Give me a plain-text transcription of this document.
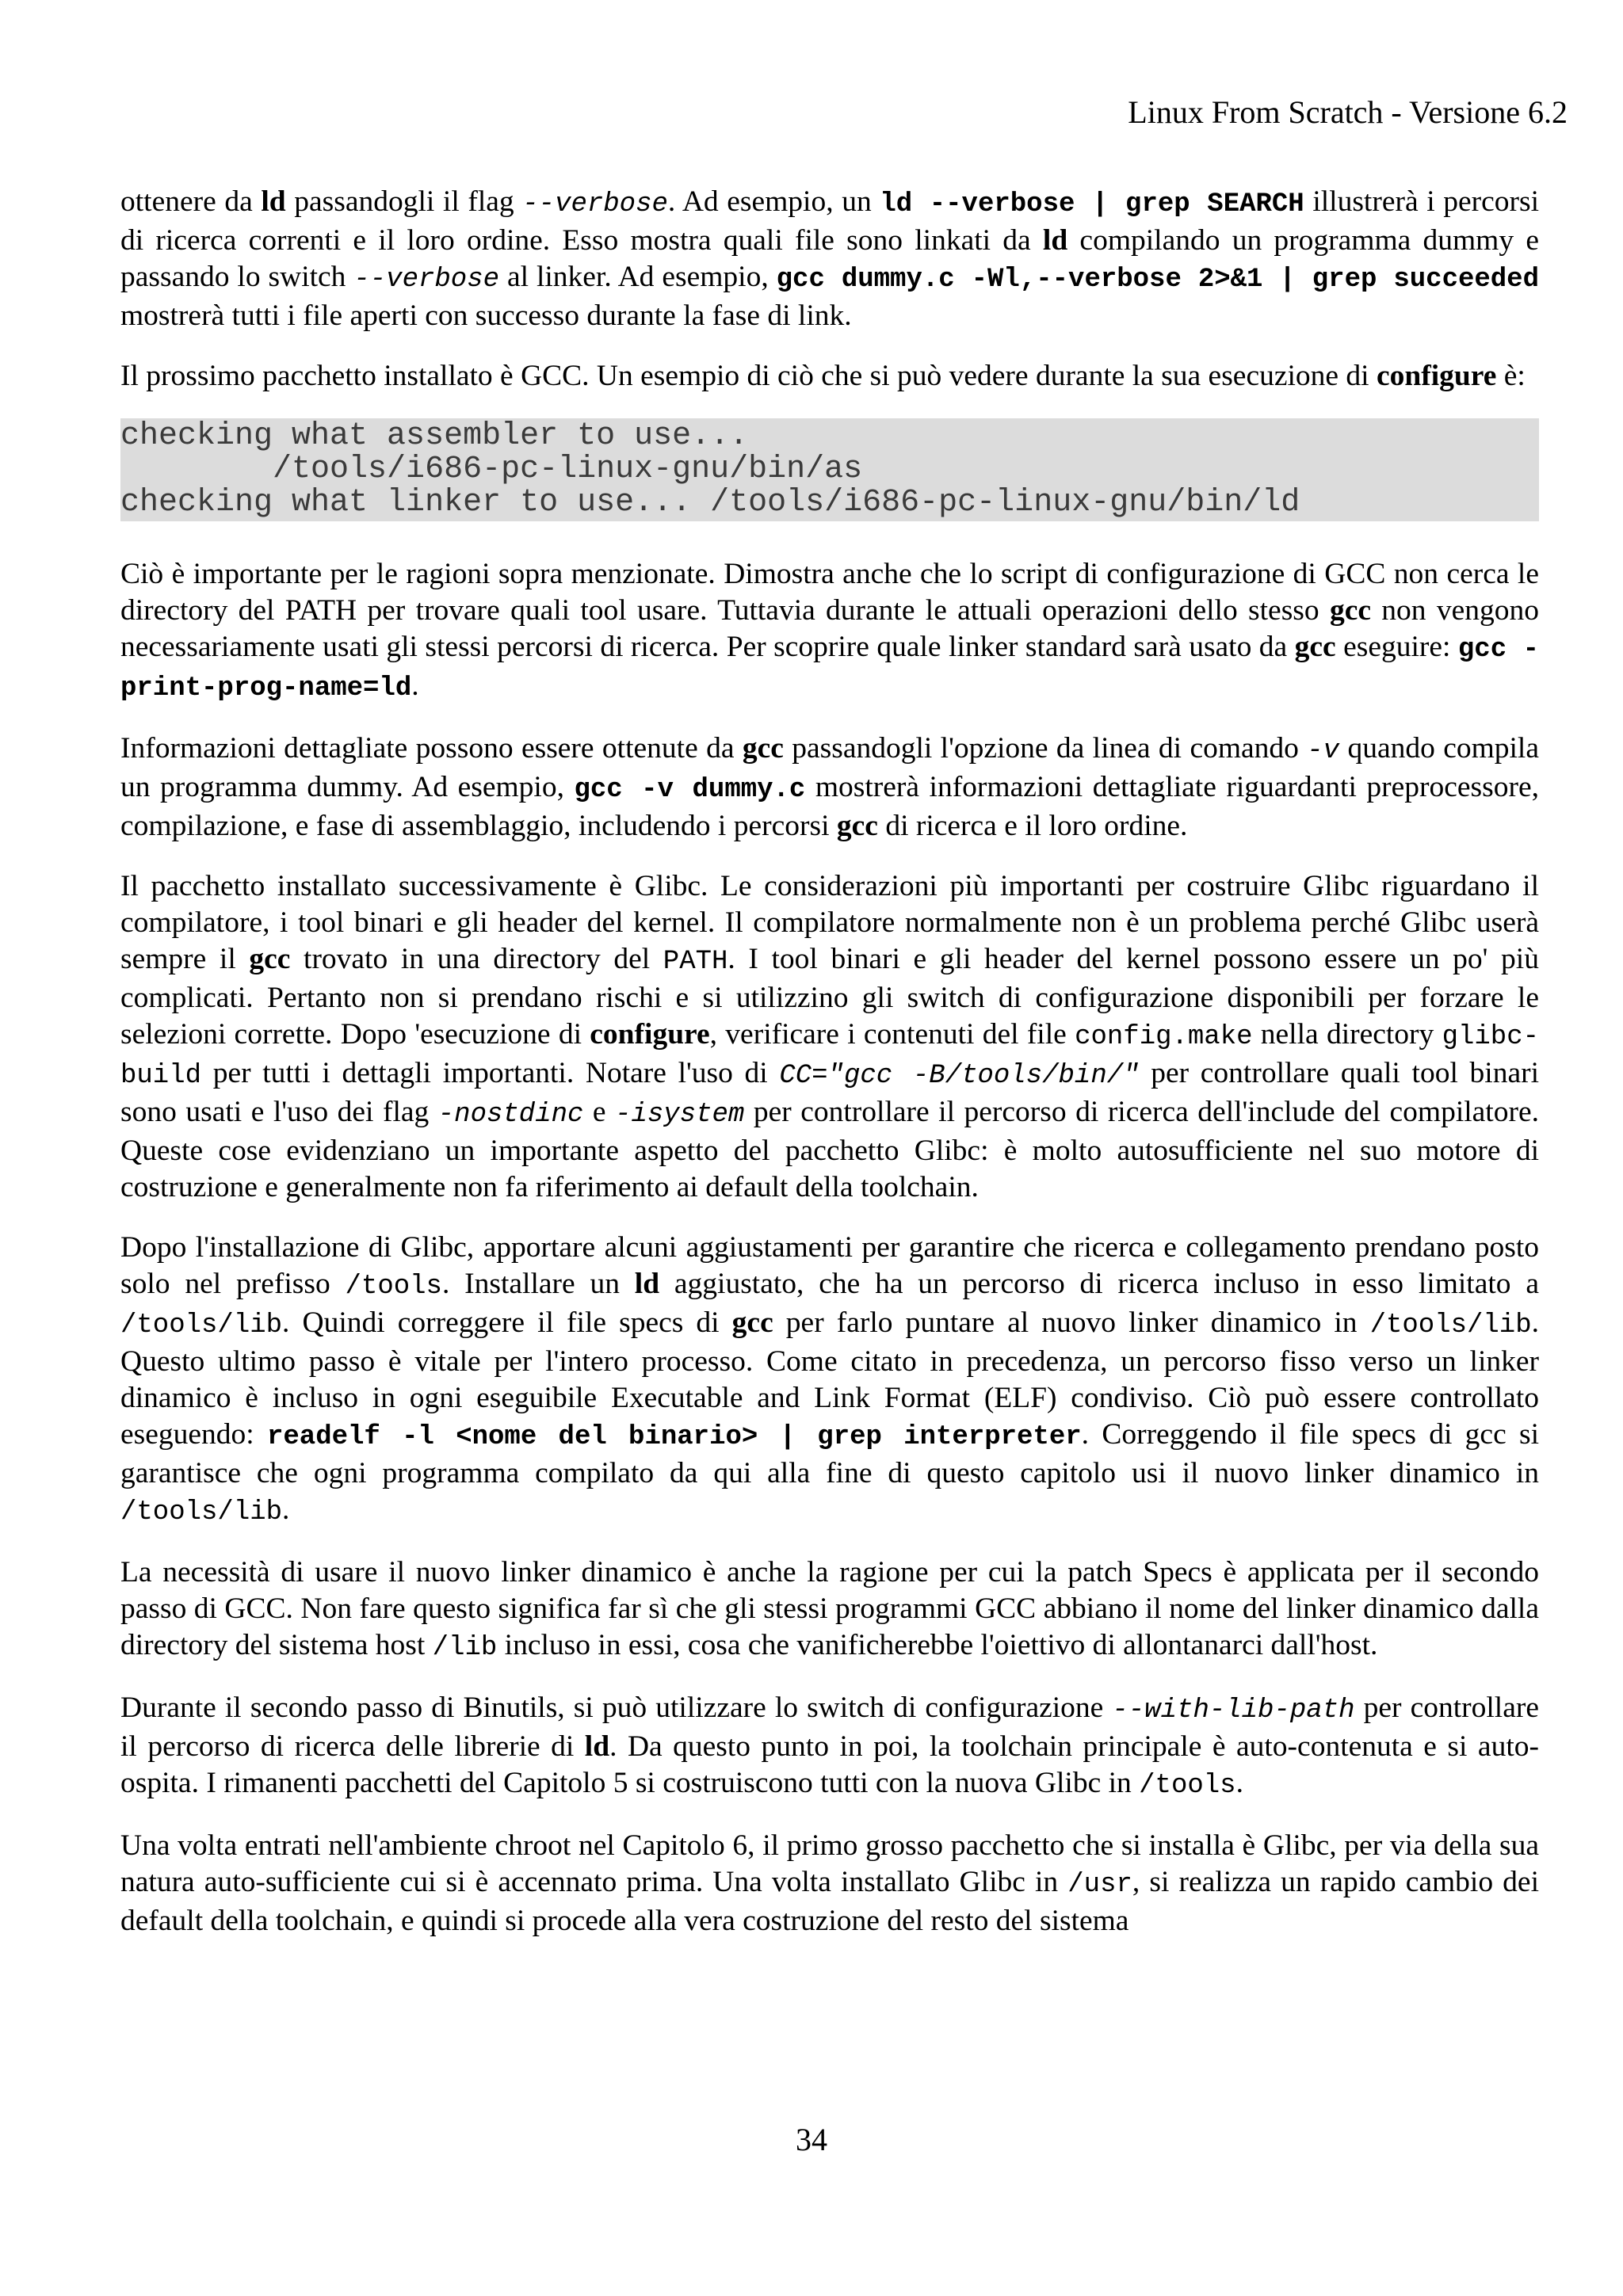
Linux From Scratch - Versione 6.2

ottenere da ld passandogli il flag --verbose. Ad esempio, un ld --verbose | grep SEARCH illustrerà i percorsi di ricerca correnti e il loro ordine. Esso mostra quali file sono linkati da ld compilando un programma dummy e passando lo switch --verbose al linker. Ad esempio, gcc dummy.c -Wl,--verbose 2>&1 | grep succeeded mostrerà tutti i file aperti con successo durante la fase di link.

Il prossimo pacchetto installato è GCC. Un esempio di ciò che si può vedere durante la sua esecuzione di configure è:

checking what assembler to use...
/tools/i686-pc-linux-gnu/bin/as
checking what linker to use... /tools/i686-pc-linux-gnu/bin/ld

Ciò è importante per le ragioni sopra menzionate. Dimostra anche che lo script di configurazione di GCC non cerca le directory del PATH per trovare quali tool usare. Tuttavia durante le attuali operazioni dello stesso gcc non vengono necessariamente usati gli stessi percorsi di ricerca. Per scoprire quale linker standard sarà usato da gcc eseguire: gcc -print-prog-name=ld.

Informazioni dettagliate possono essere ottenute da gcc passandogli l'opzione da linea di comando -v quando compila un programma dummy. Ad esempio, gcc -v dummy.c mostrerà informazioni dettagliate riguardanti preprocessore, compilazione, e fase di assemblaggio, includendo i percorsi gcc di ricerca e il loro ordine.

Il pacchetto installato successivamente è Glibc. Le considerazioni più importanti per costruire Glibc riguardano il compilatore, i tool binari e gli header del kernel. Il compilatore normalmente non è un problema perché Glibc userà sempre il gcc trovato in una directory del PATH. I tool binari e gli header del kernel possono essere un po' più complicati. Pertanto non si prendano rischi e si utilizzino gli switch di configurazione disponibili per forzare le selezioni corrette. Dopo 'esecuzione di configure, verificare i contenuti del file config.make nella directory glibc-build per tutti i dettagli importanti. Notare l'uso di CC="gcc -B/tools/bin/" per controllare quali tool binari sono usati e l'uso dei flag -nostdinc e -isystem per controllare il percorso di ricerca dell'include del compilatore. Queste cose evidenziano un importante aspetto del pacchetto Glibc: è molto autosufficiente nel suo motore di costruzione e generalmente non fa riferimento ai default della toolchain.

Dopo l'installazione di Glibc, apportare alcuni aggiustamenti per garantire che ricerca e collegamento prendano posto solo nel prefisso /tools. Installare un ld aggiustato, che ha un percorso di ricerca incluso in esso limitato a /tools/lib. Quindi correggere il file specs di gcc per farlo puntare al nuovo linker dinamico in /tools/lib. Questo ultimo passo è vitale per l'intero processo. Come citato in precedenza, un percorso fisso verso un linker dinamico è incluso in ogni eseguibile Executable and Link Format (ELF) condiviso. Ciò può essere controllato eseguendo: readelf -l <nome del binario> | grep interpreter. Correggendo il file specs di gcc si garantisce che ogni programma compilato da qui alla fine di questo capitolo usi il nuovo linker dinamico in /tools/lib.

La necessità di usare il nuovo linker dinamico è anche la ragione per cui la patch Specs è applicata per il secondo passo di GCC. Non fare questo significa far sì che gli stessi programmi GCC abbiano il nome del linker dinamico dalla directory del sistema host /lib incluso in essi, cosa che vanificherebbe l'oiettivo di allontanarci dall'host.

Durante il secondo passo di Binutils, si può utilizzare lo switch di configurazione --with-lib-path per controllare il percorso di ricerca delle librerie di ld. Da questo punto in poi, la toolchain principale è auto-contenuta e si auto-ospita. I rimanenti pacchetti del Capitolo 5 si costruiscono tutti con la nuova Glibc in /tools.

Una volta entrati nell'ambiente chroot nel Capitolo 6, il primo grosso pacchetto che si installa è Glibc, per via della sua natura auto-sufficiente cui si è accennato prima. Una volta installato Glibc in /usr, si realizza un rapido cambio dei default della toolchain, e quindi si procede alla vera costruzione del resto del sistema

34
